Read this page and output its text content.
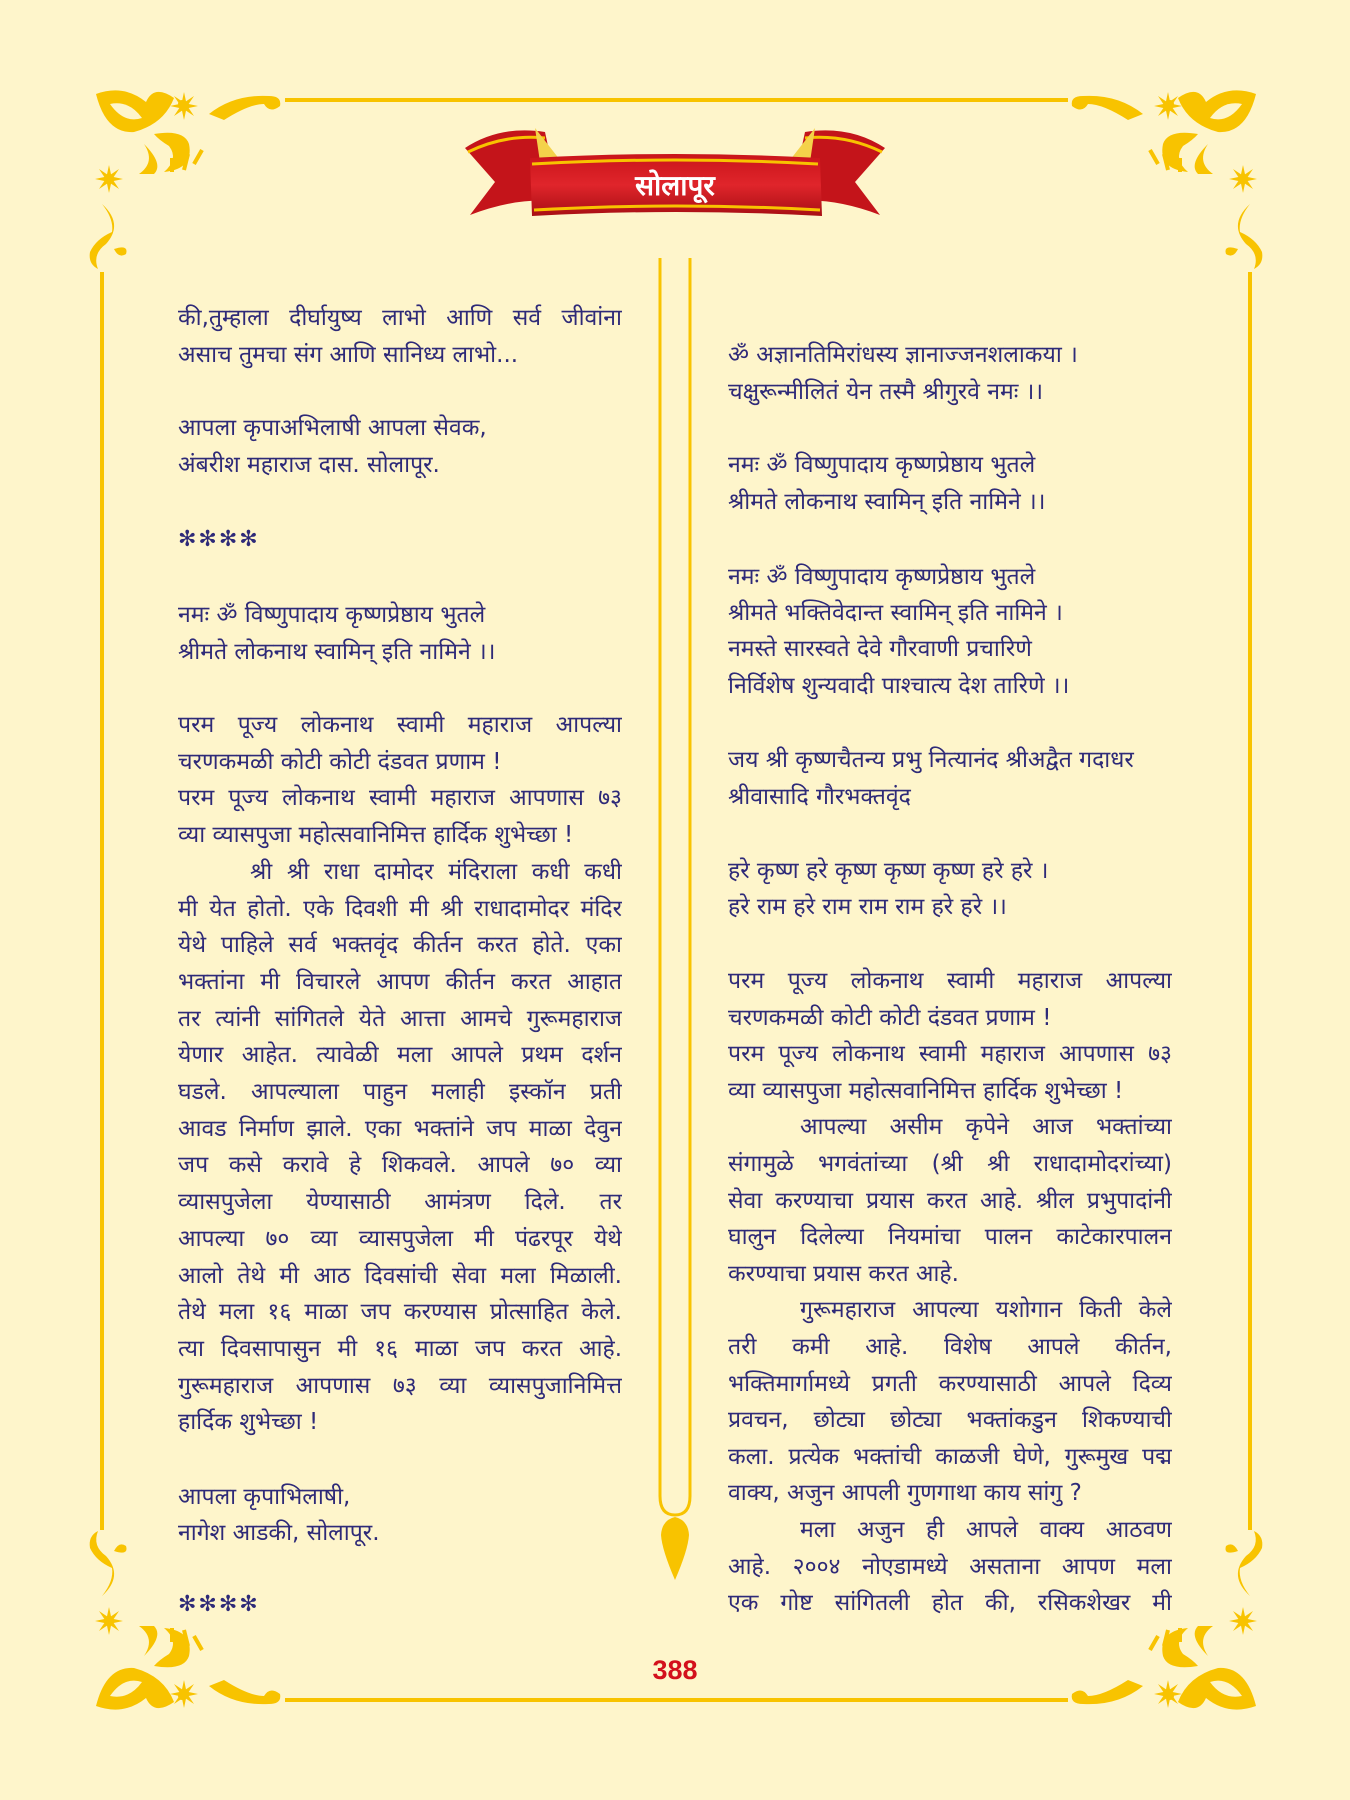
सोलापूर
की,तुम्हाला दीर्घायुष्य लाभो आणि सर्व जीवांना
असाच तुमचा संग आणि सानिध्य लाभो...
आपला कृपाअभिलाषी आपला सेवक,
अंबरीश महाराज दास. सोलापूर.
✻✻✻✻
नमः ॐ विष्णुपादाय कृष्णप्रेष्ठाय भुतले
श्रीमते लोकनाथ स्वामिन् इति नामिने ।।
परम पूज्य लोकनाथ स्वामी महाराज आपल्या
चरणकमळी कोटी कोटी दंडवत प्रणाम !
परम पूज्य लोकनाथ स्वामी महाराज आपणास ७३
व्या व्यासपुजा महोत्सवानिमित्त हार्दिक शुभेच्छा !
श्री श्री राधा दामोदर मंदिराला कधी कधी
मी येत होतो. एके दिवशी मी श्री राधादामोदर मंदिर
येथे पाहिले सर्व भक्तवृंद कीर्तन करत होते. एका
भक्तांना मी विचारले आपण कीर्तन करत आहात
तर त्यांनी सांगितले येते आत्ता आमचे गुरूमहाराज
येणार आहेत. त्यावेळी मला आपले प्रथम दर्शन
घडले. आपल्याला पाहुन मलाही इस्कॉन प्रती
आवड निर्माण झाले. एका भक्तांने जप माळा देवुन
जप कसे करावे हे शिकवले. आपले ७० व्या
व्यासपुजेला येण्यासाठी आमंत्रण दिले. तर
आपल्या ७० व्या व्यासपुजेला मी पंढरपूर येथे
आलो तेथे मी आठ दिवसांची सेवा मला मिळाली.
तेथे मला १६ माळा जप करण्यास प्रोत्साहित केले.
त्या दिवसापासुन मी १६ माळा जप करत आहे.
गुरूमहाराज आपणास ७३ व्या व्यासपुजानिमित्त
हार्दिक शुभेच्छा !
आपला कृपाभिलाषी,
नागेश आडकी, सोलापूर.
✻✻✻✻
ॐ अज्ञानतिमिरांधस्य ज्ञानाज्जनशलाकया ।
चक्षुरून्मीलितं येन तस्मै श्रीगुरवे नमः ।।
नमः ॐ विष्णुपादाय कृष्णप्रेष्ठाय भुतले
श्रीमते लोकनाथ स्वामिन् इति नामिने ।।
नमः ॐ विष्णुपादाय कृष्णप्रेष्ठाय भुतले
श्रीमते भक्तिवेदान्त स्वामिन् इति नामिने ।
नमस्ते सारस्वते देवे गौरवाणी प्रचारिणे
निर्विशेष शुन्यवादी पाश्चात्य देश तारिणे ।।
जय श्री कृष्णचैतन्य प्रभु नित्यानंद श्रीअद्वैत गदाधर
श्रीवासादि गौरभक्तवृंद
हरे कृष्ण हरे कृष्ण कृष्ण कृष्ण हरे हरे ।
हरे राम हरे राम राम राम हरे हरे ।।
परम पूज्य लोकनाथ स्वामी महाराज आपल्या
चरणकमळी कोटी कोटी दंडवत प्रणाम !
परम पूज्य लोकनाथ स्वामी महाराज आपणास ७३
व्या व्यासपुजा महोत्सवानिमित्त हार्दिक शुभेच्छा !
आपल्या असीम कृपेने आज भक्तांच्या
संगामुळे भगवंतांच्या (श्री श्री राधादामोदरांच्या)
सेवा करण्याचा प्रयास करत आहे. श्रील प्रभुपादांनी
घालुन दिलेल्या नियमांचा पालन काटेकारपालन
करण्याचा प्रयास करत आहे.
गुरूमहाराज आपल्या यशोगान किती केले
तरी कमी आहे. विशेष आपले कीर्तन,
भक्तिमार्गामध्ये प्रगती करण्यासाठी आपले दिव्य
प्रवचन, छोट्या छोट्या भक्तांकडुन शिकण्याची
कला. प्रत्येक भक्तांची काळजी घेणे, गुरूमुख पद्म
वाक्य, अजुन आपली गुणगाथा काय सांगु ?
मला अजुन ही आपले वाक्य आठवण
आहे. २००४ नोएडामध्ये असताना आपण मला
एक गोष्ट सांगितली होत की, रसिकशेखर मी
388
